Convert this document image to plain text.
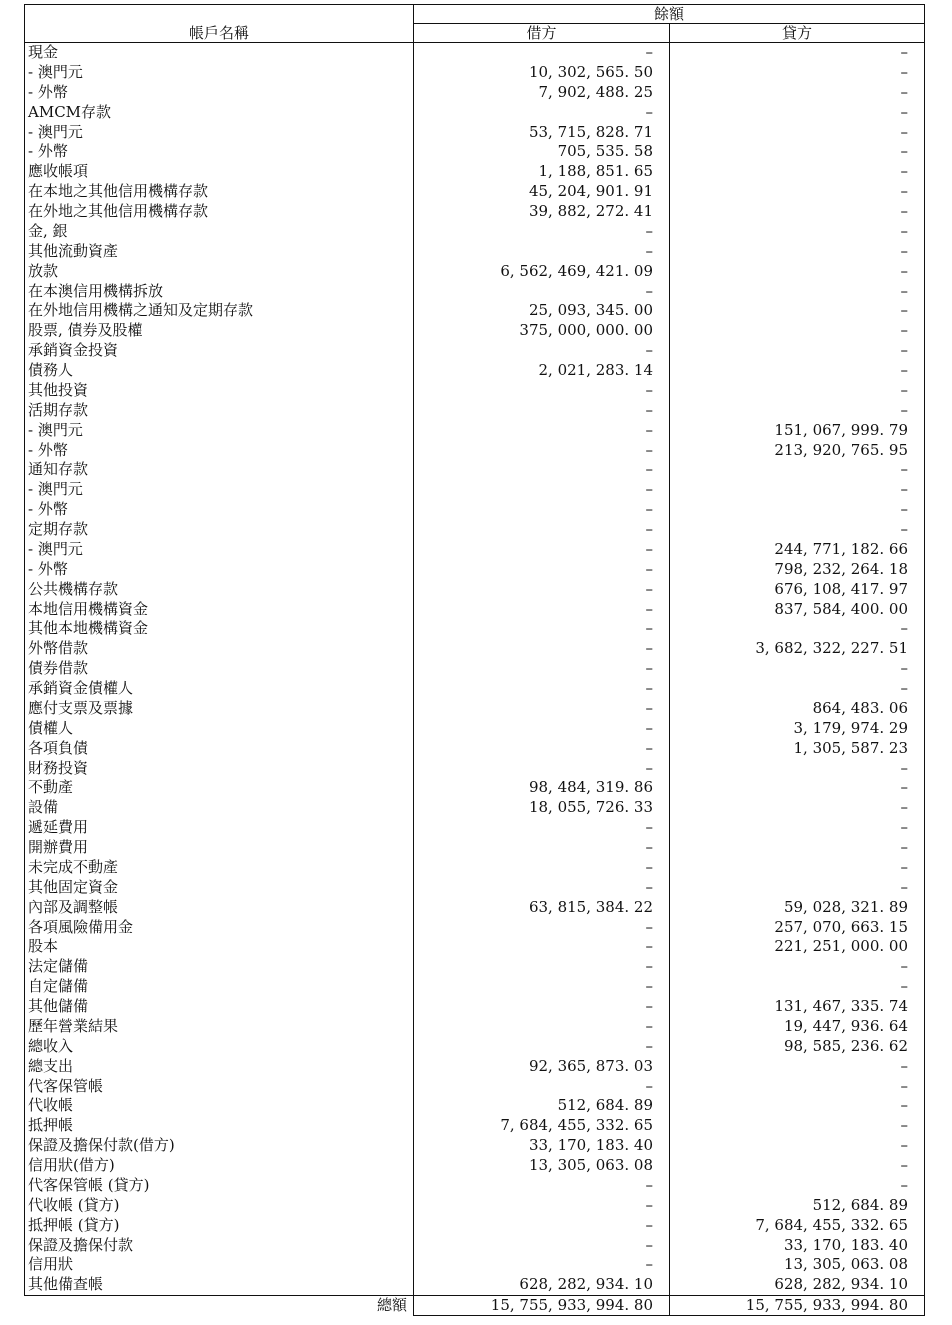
帳戶名稱	餘額	
	借方	貸方
現金	–	–
- 澳門元	10, 302, 565. 50	–
- 外幣	7, 902, 488. 25	–
AMCM存款	–	–
- 澳門元	53, 715, 828. 71	–
- 外幣	705, 535. 58	–
應收帳項	1, 188, 851. 65	–
在本地之其他信用機構存款	45, 204, 901. 91	–
在外地之其他信用機構存款	39, 882, 272. 41	–
金, 銀	–	–
其他流動資產	–	–
放款	6, 562, 469, 421. 09	–
在本澳信用機構拆放	–	–
在外地信用機構之通知及定期存款	25, 093, 345. 00	–
股票, 債券及股權	375, 000, 000. 00	–
承銷資金投資	–	–
債務人	2, 021, 283. 14	–
其他投資	–	–
活期存款	–	–
- 澳門元	–	151, 067, 999. 79
- 外幣	–	213, 920, 765. 95
通知存款	–	–
- 澳門元	–	–
- 外幣	–	–
定期存款	–	–
- 澳門元	–	244, 771, 182. 66
- 外幣	–	798, 232, 264. 18
公共機構存款	–	676, 108, 417. 97
本地信用機構資金	–	837, 584, 400. 00
其他本地機構資金	–	–
外幣借款	–	3, 682, 322, 227. 51
債券借款	–	–
承銷資金債權人	–	–
應付支票及票據	–	864, 483. 06
債權人	–	3, 179, 974. 29
各項負債	–	1, 305, 587. 23
財務投資	–	–
不動產	98, 484, 319. 86	–
設備	18, 055, 726. 33	–
遞延費用	–	–
開辦費用	–	–
未完成不動產	–	–
其他固定資金	–	–
內部及調整帳	63, 815, 384. 22	59, 028, 321. 89
各項風險備用金	–	257, 070, 663. 15
股本	–	221, 251, 000. 00
法定儲備	–	–
自定儲備	–	–
其他儲備	–	131, 467, 335. 74
歷年營業結果	–	19, 447, 936. 64
總收入	–	98, 585, 236. 62
總支出	92, 365, 873. 03	–
代客保管帳	–	–
代收帳	512, 684. 89	–
抵押帳	7, 684, 455, 332. 65	–
保證及擔保付款(借方)	33, 170, 183. 40	–
信用狀(借方)	13, 305, 063. 08	–
代客保管帳 (貸方)	–	–
代收帳 (貸方)	–	512, 684. 89
抵押帳 (貸方)	–	7, 684, 455, 332. 65
保證及擔保付款	–	33, 170, 183. 40
信用狀	–	13, 305, 063. 08
其他備查帳	628, 282, 934. 10	628, 282, 934. 10
總額	15, 755, 933, 994. 80	15, 755, 933, 994. 80
